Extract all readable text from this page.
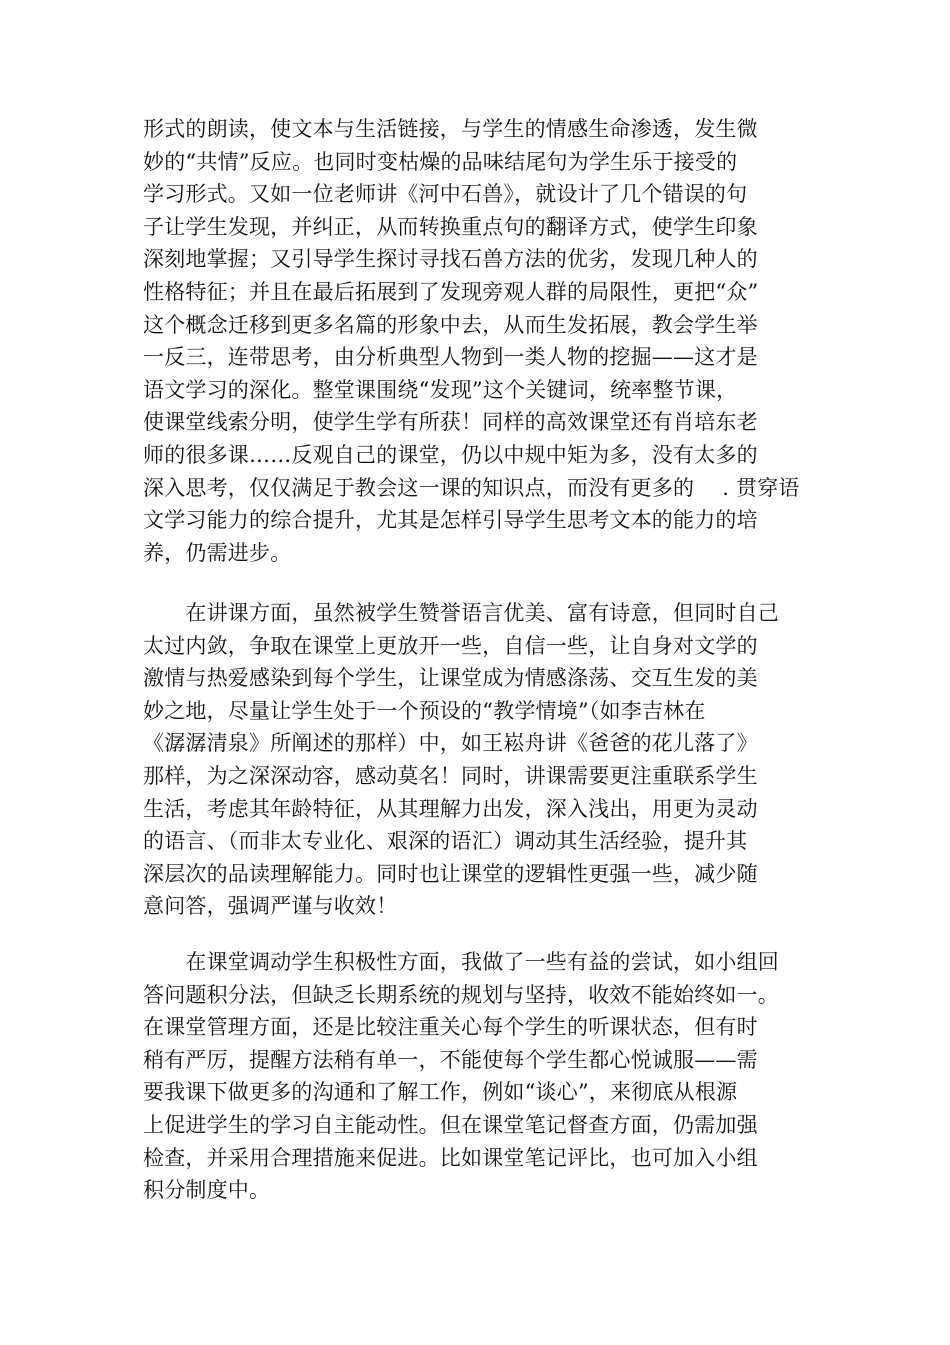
形式的朗读，使文本与生活链接，与学生的情感生命渗透，发生微
妙的“共情”反应。也同时变枯燥的品味结尾句为学生乐于接受的
学习形式。又如一位老师讲《河中石兽》，就设计了几个错误的句
子让学生发现，并纠正，从而转换重点句的翻译方式，使学生印象
深刻地掌握；又引导学生探讨寻找石兽方法的优劣，发现几种人的
性格特征；并且在最后拓展到了发现旁观人群的局限性，更把“众”
这个概念迁移到更多名篇的形象中去，从而生发拓展，教会学生举
一反三，连带思考，由分析典型人物到一类人物的挖掘——这才是
语文学习的深化。整堂课围绕“发现”这个关键词，统率整节课，
使课堂线索分明，使学生学有所获！同样的高效课堂还有肖培东老
师的很多课……反观自己的课堂，仍以中规中矩为多，没有太多的
深入思考，仅仅满足于教会这一课的知识点，而没有更多的　 . 贯穿语
文学习能力的综合提升，尤其是怎样引导学生思考文本的能力的培
养，仍需进步。

　　在讲课方面，虽然被学生赞誉语言优美、富有诗意，但同时自己
太过内敛，争取在课堂上更放开一些，自信一些，让自身对文学的
激情与热爱感染到每个学生，让课堂成为情感涤荡、交互生发的美
妙之地，尽量让学生处于一个预设的“教学情境”（如李吉林在
《潺潺清泉》所阐述的那样）中，如王崧舟讲《爸爸的花儿落了》
那样，为之深深动容，感动莫名！同时，讲课需要更注重联系学生
生活，考虑其年龄特征，从其理解力出发，深入浅出，用更为灵动
的语言、（而非太专业化、艰深的语汇）调动其生活经验，提升其
深层次的品读理解能力。同时也让课堂的逻辑性更强一些，减少随
意问答，强调严谨与收效！

　　在课堂调动学生积极性方面，我做了一些有益的尝试，如小组回
答问题积分法，但缺乏长期系统的规划与坚持，收效不能始终如一。
在课堂管理方面，还是比较注重关心每个学生的听课状态，但有时
稍有严厉，提醒方法稍有单一，不能使每个学生都心悦诚服——需
要我课下做更多的沟通和了解工作，例如“谈心”，来彻底从根源
上促进学生的学习自主能动性。但在课堂笔记督查方面，仍需加强
检查，并采用合理措施来促进。比如课堂笔记评比，也可加入小组
积分制度中。
